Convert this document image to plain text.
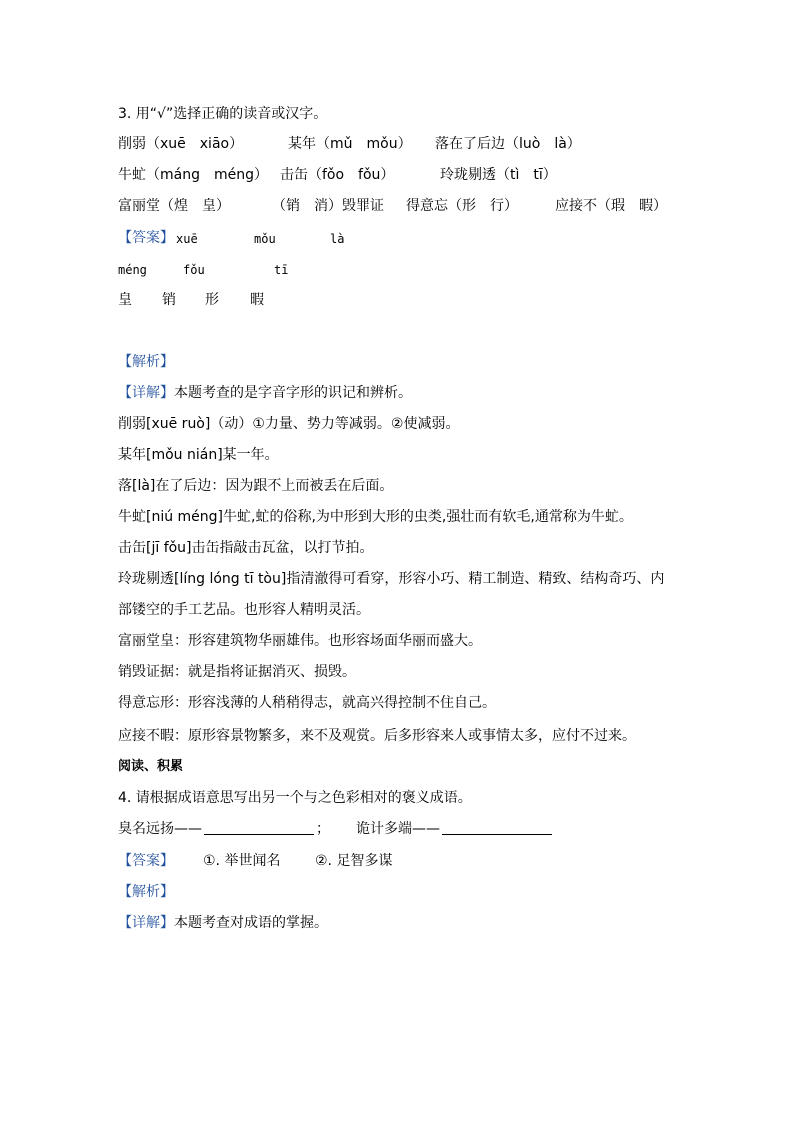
3. 用“√”选择正确的读音或汉字。
削弱（xuē　xiāo）	某年（mǔ　mǒu） 落在了后边（luò　là）
牛虻（máng　méng） 击缶（fǒo　fǒu）	玲珑剔透（tì　tī）
富丽堂（煌　皇）	（销　消）毁罪证 得意忘（形　行）	应接不（瑕　暇）
【答案】 xuē	mǒu	là
méng	fǒu	tī
皇 销 形 暇
【解析】
【详解】本题考查的是字音字形的识记和辨析。
削弱[xuē ruò]（动）①力量、势力等减弱。②使减弱。
某年[mǒu nián]某一年。
落[là]在了后边：因为跟不上而被丢在后面。
牛虻[niú méng]牛虻,虻的俗称,为中形到大形的虫类,强壮而有软毛,通常称为牛虻。
击缶[jī fǒu]击缶指敲击瓦盆，以打节拍。
玲珑剔透[líng lóng tī tòu]指清澈得可看穿，形容小巧、精工制造、精致、结构奇巧、内
部镂空的手工艺品。也形容人精明灵活。
富丽堂皇：形容建筑物华丽雄伟。也形容场面华丽而盛大。
销毁证据：就是指将证据消灭、损毁。
得意忘形：形容浅薄的人稍稍得志，就高兴得控制不住自己。
应接不暇：原形容景物繁多，来不及观赏。后多形容来人或事情太多，应付不过来。
阅读、积累
4. 请根据成语意思写出另一个与之色彩相对的褒义成语。
臭名远扬——	； 诡计多端——
【答案】 ①. 举世闻名 ②. 足智多谋
【解析】
【详解】本题考查对成语的掌握。
